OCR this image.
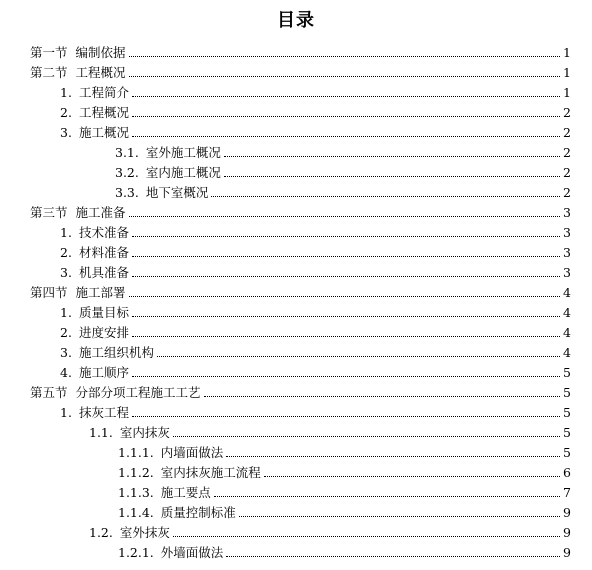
目录
第一节 编制依据	1
第二节 工程概况	1
1. 工程简介	1
2. 工程概况	2
3. 施工概况	2
3.1. 室外施工概况	2
3.2. 室内施工概况	2
3.3. 地下室概况	2
第三节 施工准备	3
1. 技术准备	3
2. 材料准备	3
3. 机具准备	3
第四节 施工部署	4
1. 质量目标	4
2. 进度安排	4
3. 施工组织机构	4
4. 施工顺序	5
第五节 分部分项工程施工工艺	5
1. 抹灰工程	5
1.1. 室内抹灰	5
1.1.1. 内墙面做法	5
1.1.2. 室内抹灰施工流程	6
1.1.3. 施工要点	7
1.1.4. 质量控制标准	9
1.2. 室外抹灰	9
1.2.1. 外墙面做法	9
